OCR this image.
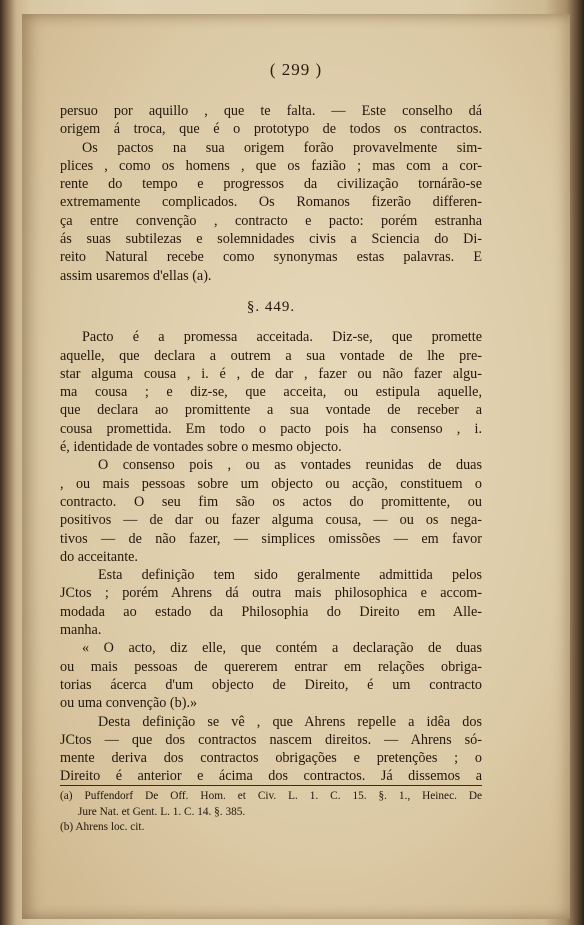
( 299 )
persuo por aquillo , que te falta. — Este conselho dá
origem á troca, que é o prototypo de todos os contractos.
Os pactos na sua origem forão provavelmente sim-
plices , como os homens , que os fazião ; mas com a cor-
rente do tempo e progressos da civilização tornárão-se
extremamente complicados. Os Romanos fizerão differen-
ça entre convenção , contracto e pacto: porém estranha
ás suas subtilezas e solemnidades civis a Sciencia do Di-
reito Natural recebe como synonymas estas palavras. E
assim usaremos d'ellas (a).
§. 449.
Pacto é a promessa acceitada. Diz-se, que promette
aquelle, que declara a outrem a sua vontade de lhe pre-
star alguma cousa , i. é , de dar , fazer ou não fazer algu-
ma cousa ; e diz-se, que acceita, ou estipula aquelle,
que declara ao promittente a sua vontade de receber a
cousa promettida. Em todo o pacto pois ha consenso , i.
é, identidade de vontades sobre o mesmo objecto.
O consenso pois , ou as vontades reunidas de duas
, ou mais pessoas sobre um objecto ou acção, constituem o
contracto. O seu fim são os actos do promittente, ou
positivos — de dar ou fazer alguma cousa, — ou os nega-
tivos — de não fazer, — simplices omissões — em favor
do acceitante.
Esta definição tem sido geralmente admittida pelos
JCtos ; porém Ahrens dá outra mais philosophica e accom-
modada ao estado da Philosophia do Direito em Alle-
manha.
« O acto, diz elle, que contém a declaração de duas
ou mais pessoas de quererem entrar em relações obriga-
torias ácerca d'um objecto de Direito, é um contracto
ou uma convenção (b).»
Desta definição se vê , que Ahrens repelle a idêa dos
JCtos — que dos contractos nascem direitos. — Ahrens só-
mente deriva dos contractos obrigações e pretenções ; o
Direito é anterior e ácima dos contractos. Já dissemos a
(a) Puffendorf De Off. Hom. et Civ. L. 1. C. 15. §. 1., Heinec. De
Jure Nat. et Gent. L. 1. C. 14. §. 385.
(b) Ahrens loc. cit.
